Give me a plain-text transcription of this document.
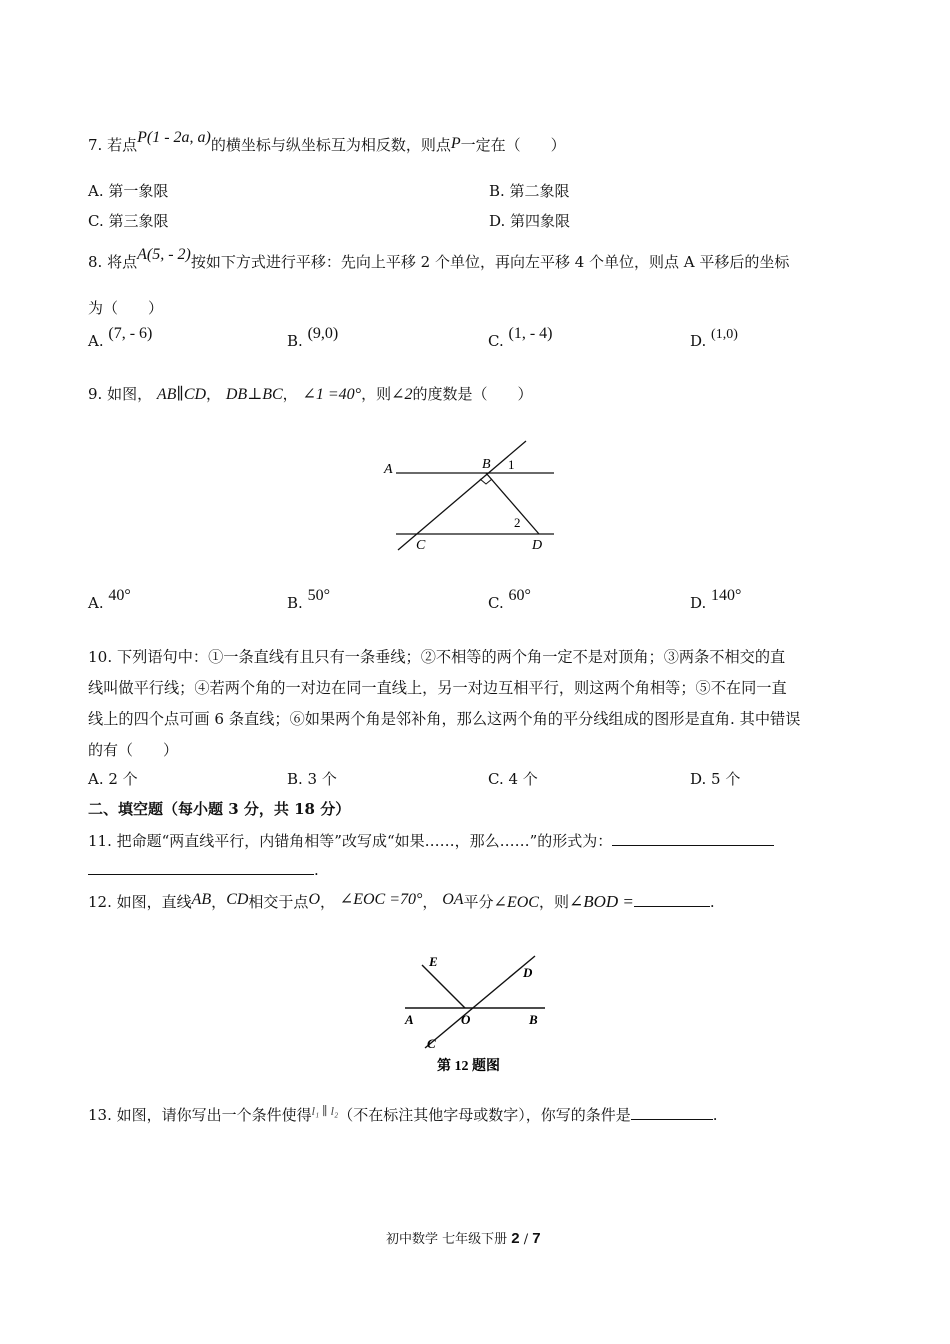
7. 若点P(1 - 2a, a)的横坐标与纵坐标互为相反数，则点P一定在（　　）
A. 第一象限	B. 第二象限
C. 第三象限	D. 第四象限
8. 将点A(5, - 2)按如下方式进行平移：先向上平移 2 个单位，再向左平移 4 个单位，则点 A 平移后的坐标
为（　　）
A. (7, - 6)	B. (9,0)	C. (1, - 4)	D. (1,0)
9. 如图， AB∥CD， DB⊥BC， ∠1 =40°，则∠2的度数是（　　）
A	B 1
2
C	D
A. 40°	B. 50°	C. 60°	D. 140°
10. 下列语句中：①一条直线有且只有一条垂线；②不相等的两个角一定不是对顶角；③两条不相交的直
线叫做平行线；④若两个角的一对边在同一直线上，另一对边互相平行，则这两个角相等；⑤不在同一直
线上的四个点可画 6 条直线；⑥如果两个角是邻补角，那么这两个角的平分线组成的图形是直角. 其中错误
的有（　　）
A. 2 个	B. 3 个	C. 4 个	D. 5 个
二、填空题（每小题 3 分，共 18 分）
11. 把命题“两直线平行，内错角相等”改写成“如果……，那么……”的形式为：
.
12. 如图，直线AB，CD相交于点O， ∠EOC =70°， OA平分∠EOC，则∠BOD =	.
E
D
A	O	B
C
第 12 题图
13. 如图，请你写出一个条件使得$^{l_1 \parallel l_2}$（不在标注其他字母或数字），你写的条件是	.
初中数学 七年级下册 2 / 7
